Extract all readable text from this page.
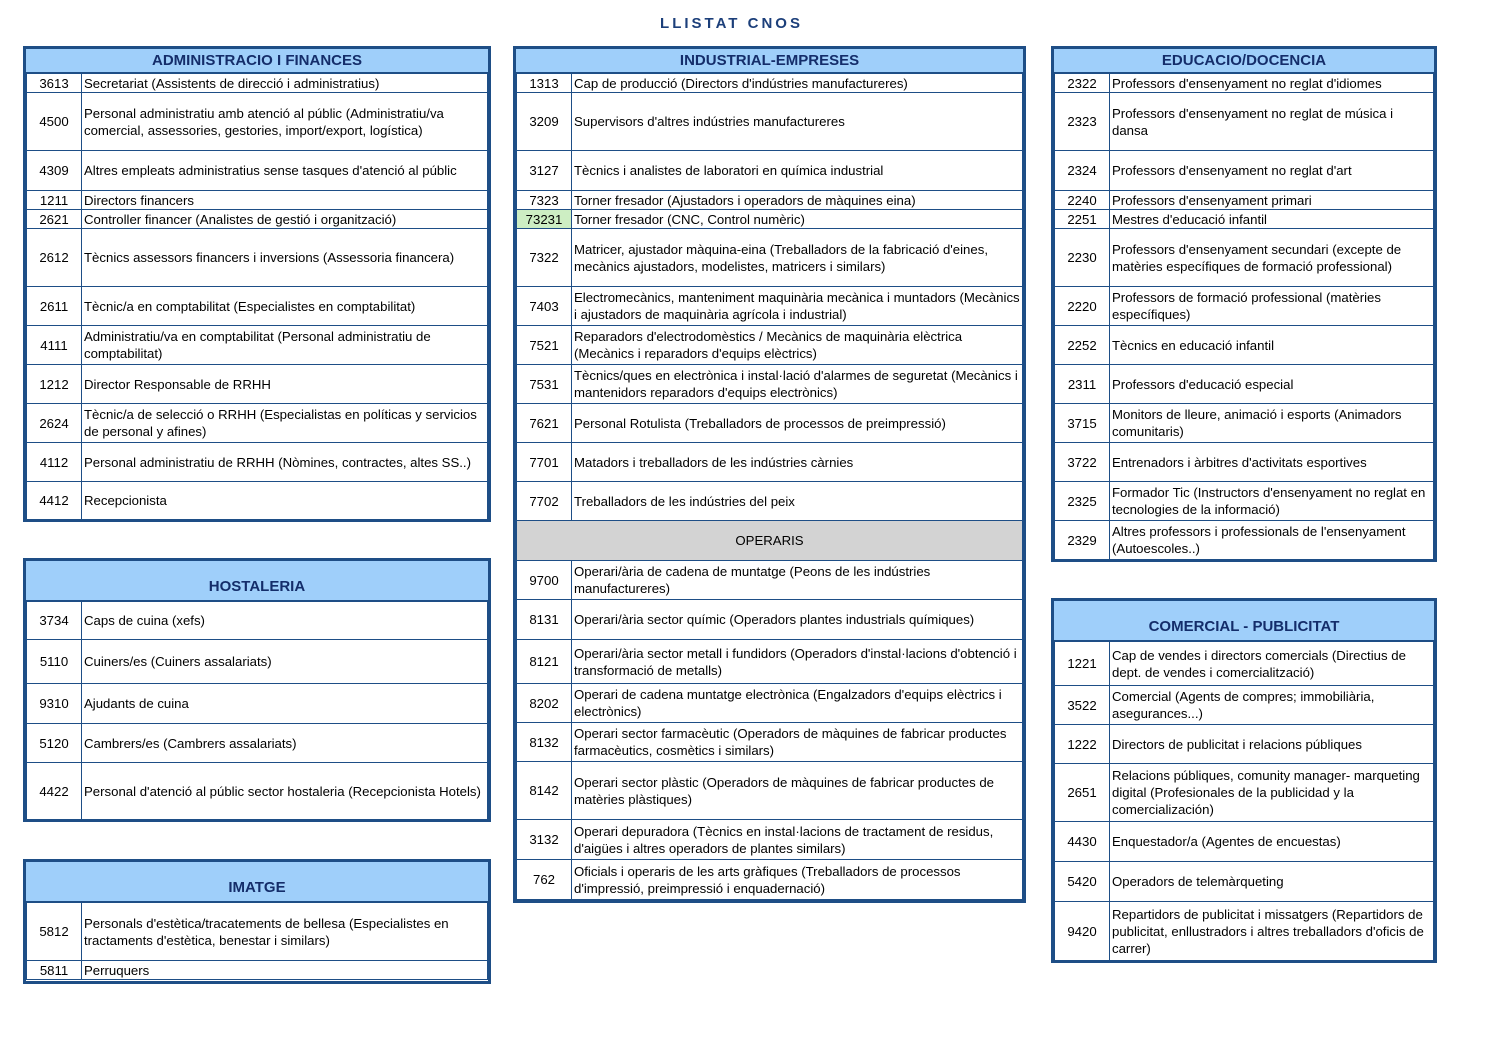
LLISTAT CNOS
ADMINISTRACIO I FINANCES
3613	Secretariat (Assistents de direcció i administratius)
4500	Personal administratiu amb atenció al públic (Administratiu/va comercial, assessories, gestories, import/export, logística)
4309	Altres empleats administratius sense tasques d'atenció al públic
1211	Directors financers
2621	Controller financer (Analistes de gestió i organització)
2612	Tècnics assessors financers i inversions (Assessoria financera)
2611	Tècnic/a en comptabilitat (Especialistes en comptabilitat)
4111	Administratiu/va en comptabilitat (Personal administratiu de comptabilitat)
1212	Director Responsable de RRHH
2624	Tècnic/a de selecció o RRHH (Especialistas en políticas y servicios de personal y afines)
4112	Personal administratiu de RRHH (Nòmines, contractes, altes SS..)
4412	Recepcionista
HOSTALERIA
3734	Caps de cuina (xefs)
5110	Cuiners/es (Cuiners assalariats)
9310	Ajudants de cuina
5120	Cambrers/es (Cambrers assalariats)
4422	Personal d'atenció al públic sector hostaleria (Recepcionista Hotels)
IMATGE
5812	Personals d'estètica/tracatements de bellesa (Especialistes en tractaments d'estètica, benestar i similars)
5811	Perruquers
INDUSTRIAL-EMPRESES
1313	Cap de producció (Directors d'indústries manufactureres)
3209	Supervisors d'altres indústries manufactureres
3127	Tècnics i analistes de laboratori en química industrial
7323	Torner fresador (Ajustadors i operadors de màquines eina)
73231	Torner fresador (CNC, Control numèric)
7322	Matricer, ajustador màquina-eina (Treballadors de la fabricació d'eines, mecànics ajustadors, modelistes, matricers i similars)
7403	Electromecànics, manteniment maquinària mecànica i muntadors (Mecànics i ajustadors de maquinària agrícola i industrial)
7521	Reparadors d'electrodomèstics / Mecànics de maquinària elèctrica (Mecànics i reparadors d'equips elèctrics)
7531	Tècnics/ques en electrònica i instal·lació d'alarmes de seguretat (Mecànics i mantenidors reparadors d'equips electrònics)
7621	Personal Rotulista (Treballadors de processos de preimpressió)
7701	Matadors i treballadors de les indústries càrnies
7702	Treballadors de les indústries del peix
OPERARIS	
9700	Operari/ària de cadena de muntatge (Peons de les indústries manufactureres)
8131	Operari/ària sector químic (Operadors plantes industrials químiques)
8121	Operari/ària sector metall i fundidors (Operadors d'instal·lacions d'obtenció i transformació de metalls)
8202	Operari de cadena muntatge electrònica (Engalzadors d'equips elèctrics i electrònics)
8132	Operari sector farmacèutic (Operadors de màquines de fabricar productes farmacèutics, cosmètics i similars)
8142	Operari sector plàstic (Operadors de màquines de fabricar productes de matèries plàstiques)
3132	Operari depuradora (Tècnics en instal·lacions de tractament de residus, d'aigües i altres operadors de plantes similars)
762	Oficials i operaris de les arts gràfiques (Treballadors de processos d'impressió, preimpressió i enquadernació)
EDUCACIO/DOCENCIA
2322	Professors d'ensenyament no reglat d'idiomes
2323	Professors d'ensenyament no reglat de música i dansa
2324	Professors d'ensenyament no reglat d'art
2240	Professors d'ensenyament primari
2251	Mestres d'educació infantil
2230	Professors d'ensenyament secundari (excepte de matèries específiques de formació professional)
2220	Professors de formació professional (matèries específiques)
2252	Tècnics en educació infantil
2311	Professors d'educació especial
3715	Monitors de lleure, animació i esports (Animadors comunitaris)
3722	Entrenadors i àrbitres d'activitats esportives
2325	Formador Tic (Instructors d'ensenyament no reglat en tecnologies de la informació)
2329	Altres professors i professionals de l'ensenyament (Autoescoles..)
COMERCIAL - PUBLICITAT
1221	Cap de vendes i directors comercials (Directius de dept. de vendes i comercialització)
3522	Comercial (Agents de compres; immobiliària, asegurances...)
1222	Directors de publicitat i relacions públiques
2651	Relacions públiques, comunity manager- marqueting digital (Profesionales de la publicidad y la comercialización)
4430	Enquestador/a (Agentes de encuestas)
5420	Operadors de telemàrqueting
9420	Repartidors de publicitat i missatgers (Repartidors de publicitat, enllustradors i altres treballadors d'oficis de carrer)
